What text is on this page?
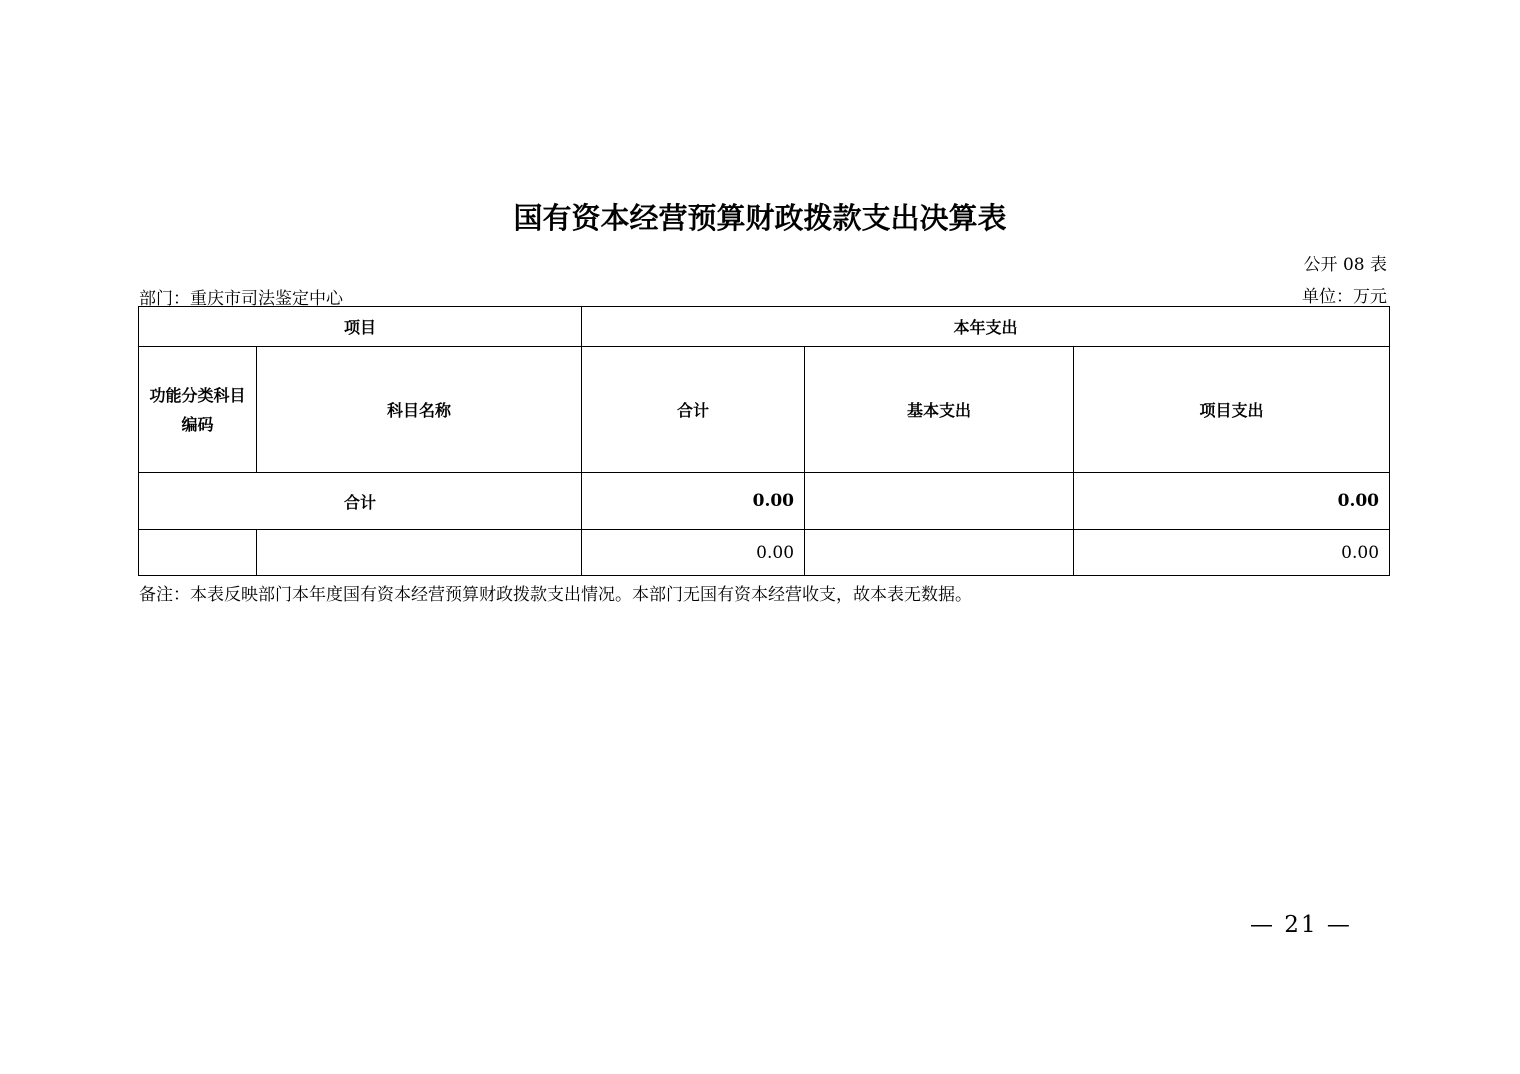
国有资本经营预算财政拨款支出决算表
公开 08 表
部门：重庆市司法鉴定中心	单位：万元
项目		本年支出		
功能分类科目编码	科目名称	合计	基本支出	项目支出
合计		0.00		0.00
		0.00		0.00
备注：本表反映部门本年度国有资本经营预算财政拨款支出情况。本部门无国有资本经营收支，故本表无数据。
— 21 —
